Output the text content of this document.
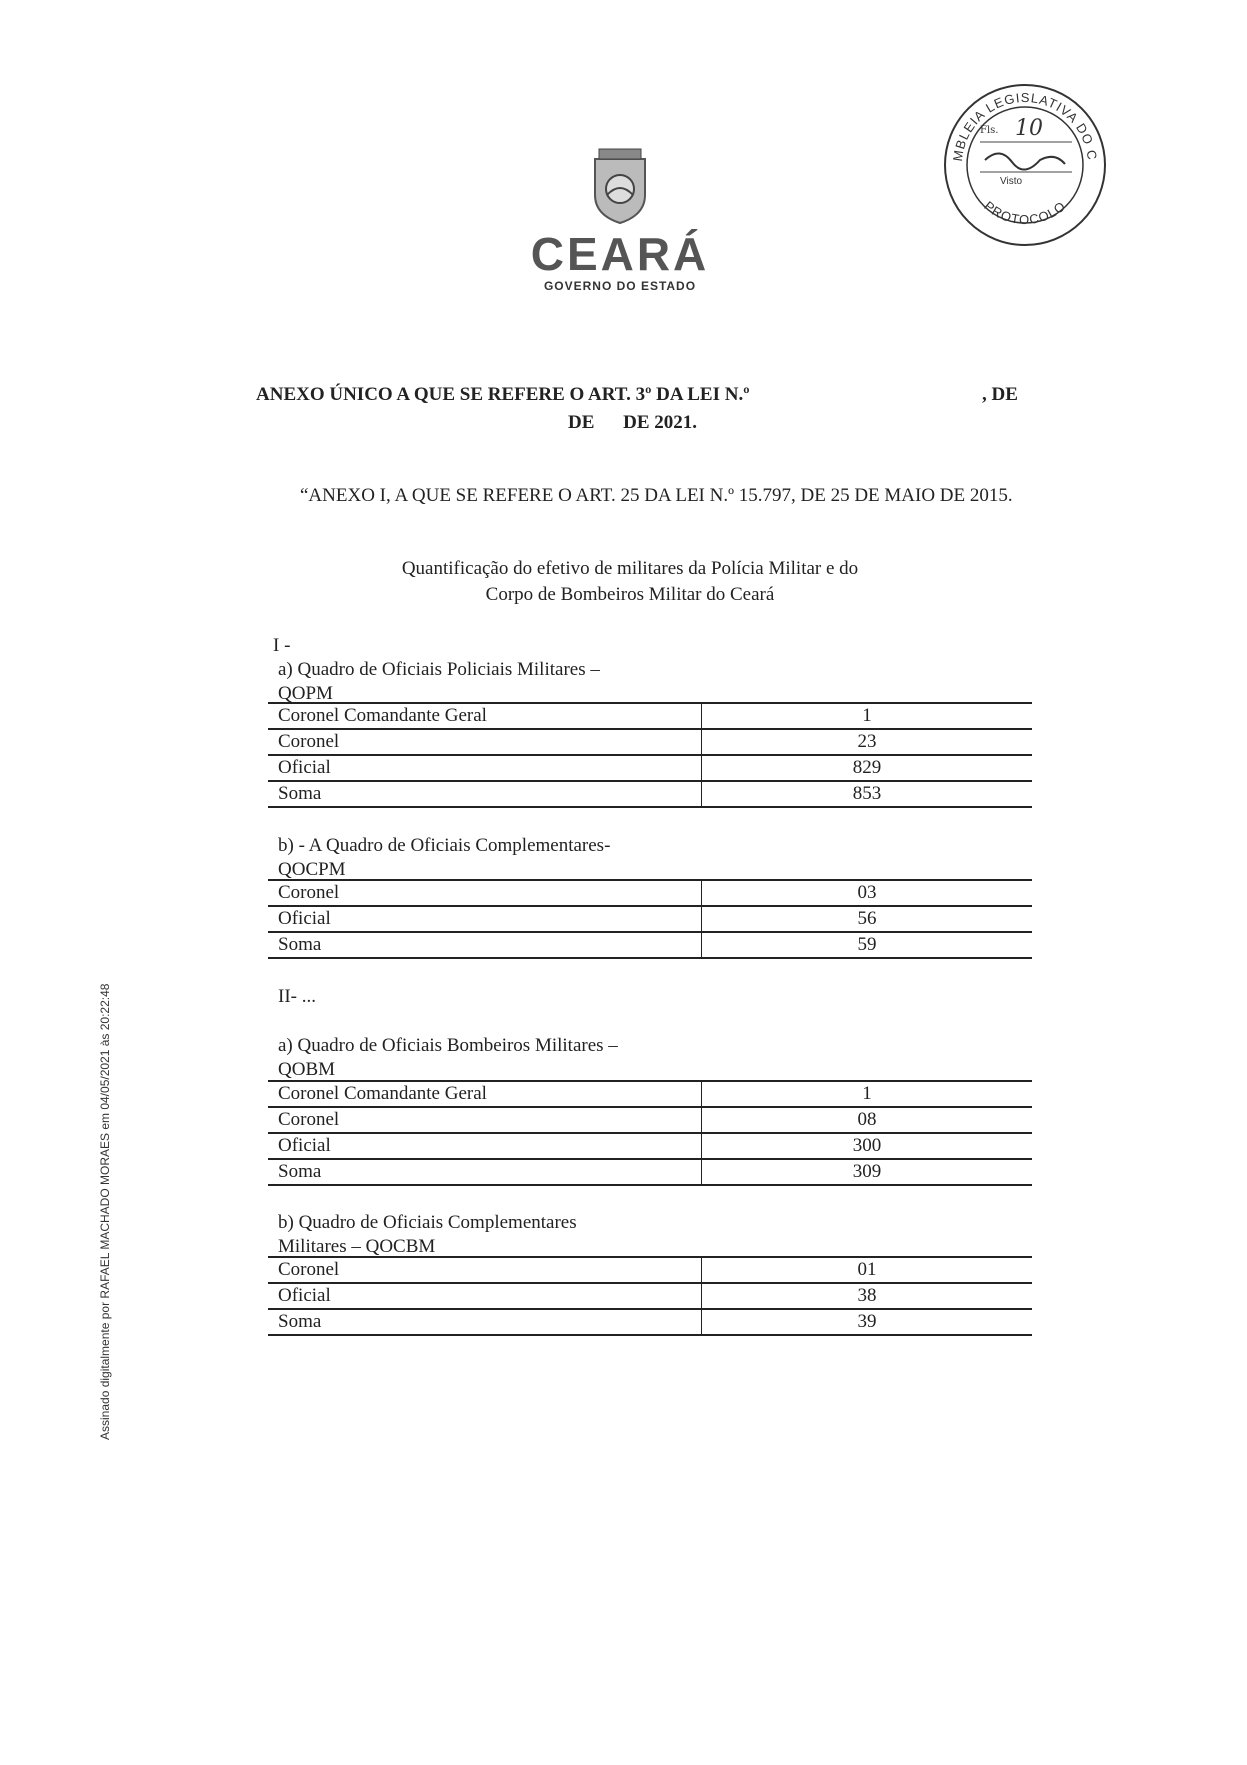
CEARÁ
GOVERNO DO ESTADO
MBLEIA LEGISLATIVA DO C
PROTOCOLO
Fls. 10
Visto
ANEXO ÚNICO A QUE SE REFERE O ART. 3º DA LEI N.º	, DE
DE DE 2021.
“ANEXO I, A QUE SE REFERE O ART. 25 DA LEI N.º 15.797, DE 25 DE MAIO DE 2015.
Quantificação do efetivo de militares da Polícia Militar e do
Corpo de Bombeiros Militar do Ceará
I -
a) Quadro de Oficiais Policiais Militares –
QOPM
Coronel Comandante Geral	1
Coronel	23
Oficial	829
Soma	853
b) - A Quadro de Oficiais Complementares-
QOCPM
Coronel	03
Oficial	56
Soma	59
II- ...
a) Quadro de Oficiais Bombeiros Militares –
QOBM
Coronel Comandante Geral	1
Coronel	08
Oficial	300
Soma	309
b) Quadro de Oficiais Complementares
Militares – QOCBM
Coronel	01
Oficial	38
Soma	39
Assinado digitalmente por RAFAEL MACHADO MORAES em 04/05/2021 às 20:22:48
